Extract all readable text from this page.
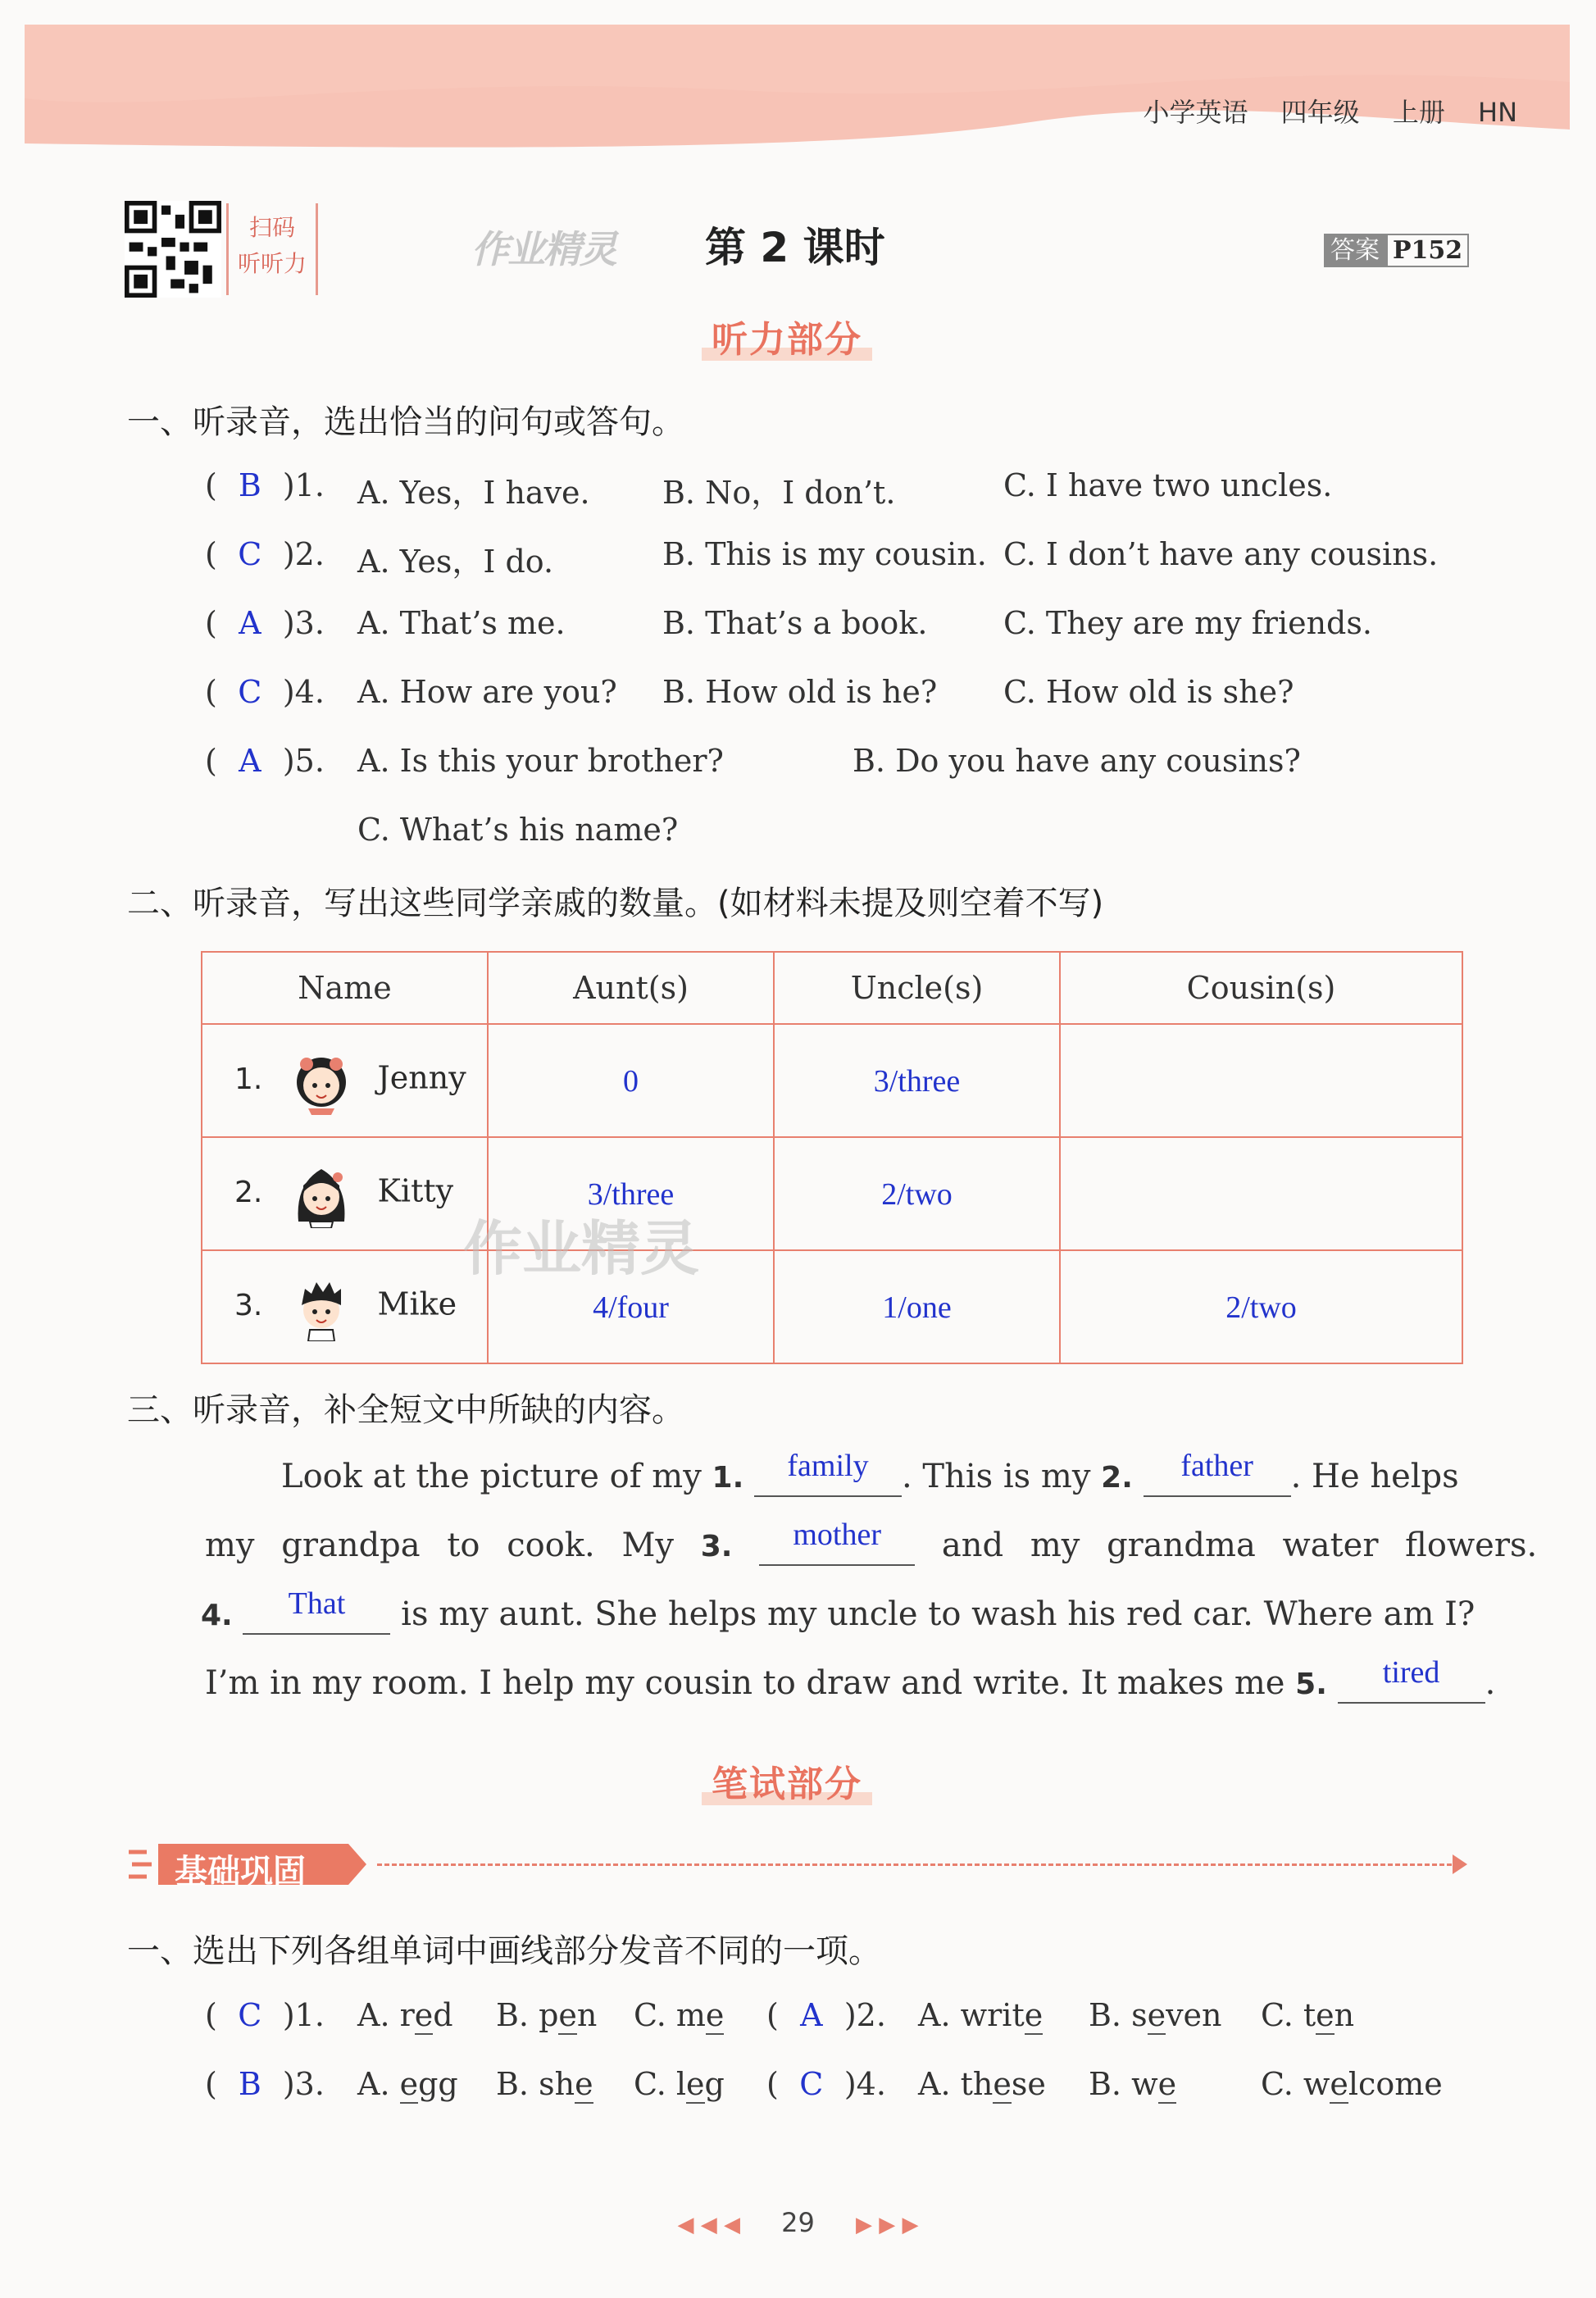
小学英语 四年级 上册 HN
扫码
听听力	作业精灵 第 2 课时	答案 P152
听力部分
一、听录音，选出恰当的问句或答句。
( B )1. A. Yes，I have. B. No，I don’t.	C. I have two uncles.
( C )2. A. Yes，I do.	B. This is my cousin. C. I don’t have any cousins.
( A )3. A. That’s me.	B. That’s a book. C. They are my friends.
( C )4. A. How are you? B. How old is he? C. How old is she?
( A )5. A. Is this your brother?	B. Do you have any cousins?
C. What’s his name?
二、听录音，写出这些同学亲戚的数量。(如材料未提及则空着不写)
Name	Aunt(s)	Uncle(s)	Cousin(s)
1. Jenny	0	3/three	
2. Kitty	3/three	2/two	
3. Mike	4/four	1/one	2/two
作业精灵
三、听录音，补全短文中所缺的内容。
Look at the picture of my 1.	family	. This is my 2.	father	. He helps
my grandpa to cook. My 3.	mother	and my grandma water flowers.
4.	That	is my aunt. She helps my uncle to wash his red car. Where am I?
I’m in my room. I help my cousin to draw and write. It makes me 5.	tired	.
笔试部分
基础巩固
一、选出下列各组单词中画线部分发音不同的一项。
( C )1. A. red B. pen C. me ( A )2. A. write B. seven C. ten
( B )3. A. egg B. she C. leg ( C )4. A. these B. we	C. welcome
◀ ◀ ◀ 29 ▶ ▶ ▶
